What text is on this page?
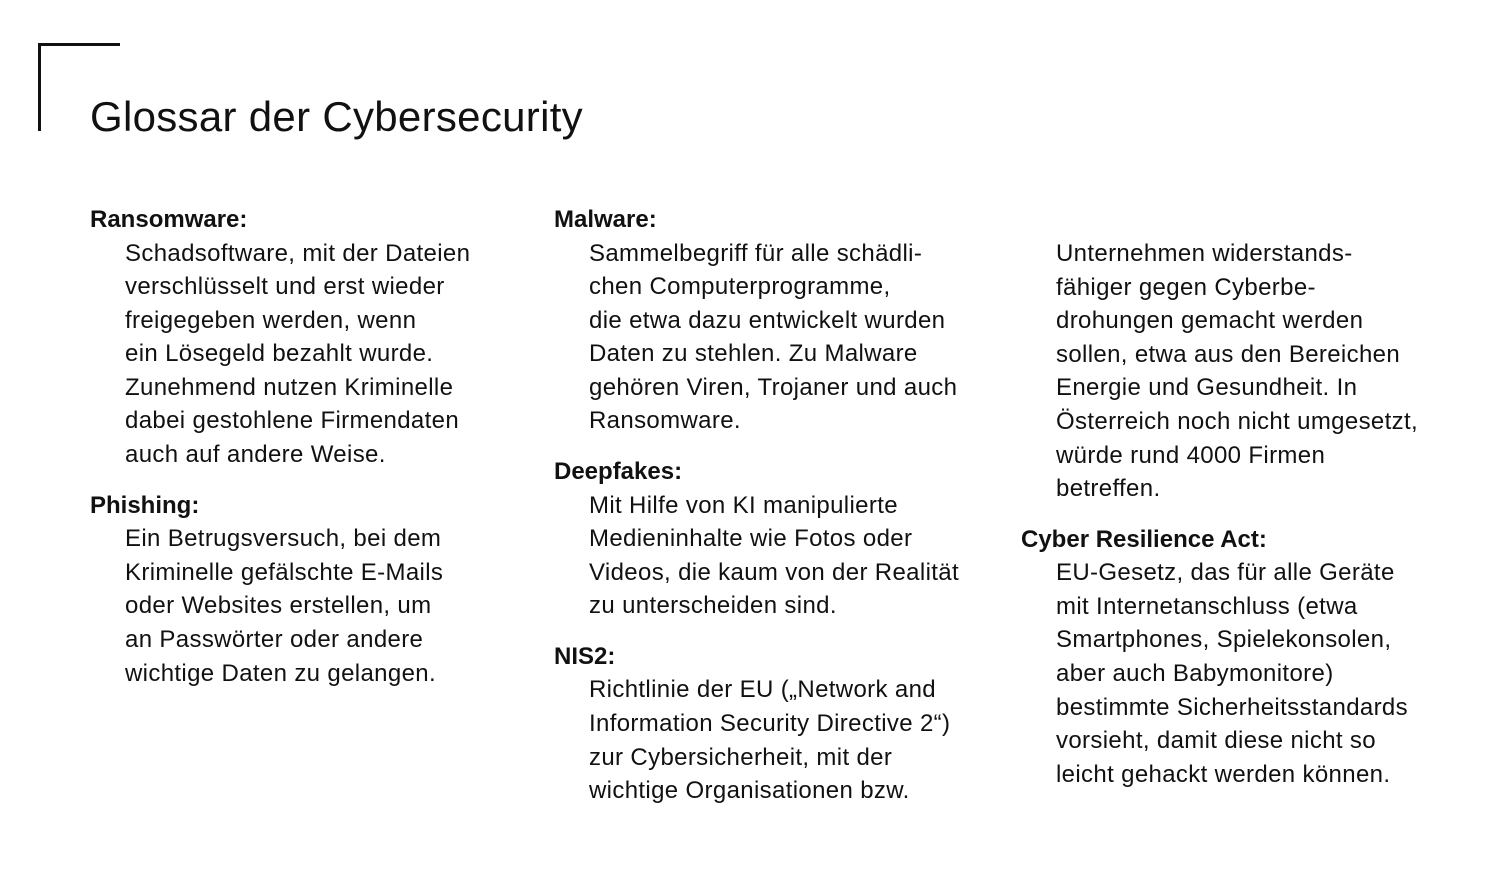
Glossar der Cybersecurity
Ransomware:
Schadsoftware, mit der Dateien
verschlüsselt und erst wieder
freigegeben werden, wenn
ein Lösegeld bezahlt wurde.
Zunehmend nutzen Kriminelle
dabei gestohlene Firmendaten
auch auf andere Weise.
Phishing:
Ein Betrugsversuch, bei dem
Kriminelle gefälschte E-Mails
oder Websites erstellen, um
an Passwörter oder andere
wichtige Daten zu gelangen.
Malware:
Sammelbegriff für alle schädli-
chen Computerprogramme,
die etwa dazu entwickelt wurden
Daten zu stehlen. Zu Malware
gehören Viren, Trojaner und auch
Ransomware.
Deepfakes:
Mit Hilfe von KI manipulierte
Medieninhalte wie Fotos oder
Videos, die kaum von der Realität
zu unterscheiden sind.
NIS2:
Richtlinie der EU („Network and
Information Security Directive 2“)
zur Cybersicherheit, mit der
wichtige Organisationen bzw.
Unternehmen widerstands-
fähiger gegen Cyberbe-
drohungen gemacht werden
sollen, etwa aus den Bereichen
Energie und Gesundheit. In
Österreich noch nicht umgesetzt,
würde rund 4000 Firmen
betreffen.
Cyber Resilience Act:
EU-Gesetz, das für alle Geräte
mit Internetanschluss (etwa
Smartphones, Spielekonsolen,
aber auch Babymonitore)
bestimmte Sicherheitsstandards
vorsieht, damit diese nicht so
leicht gehackt werden können.
